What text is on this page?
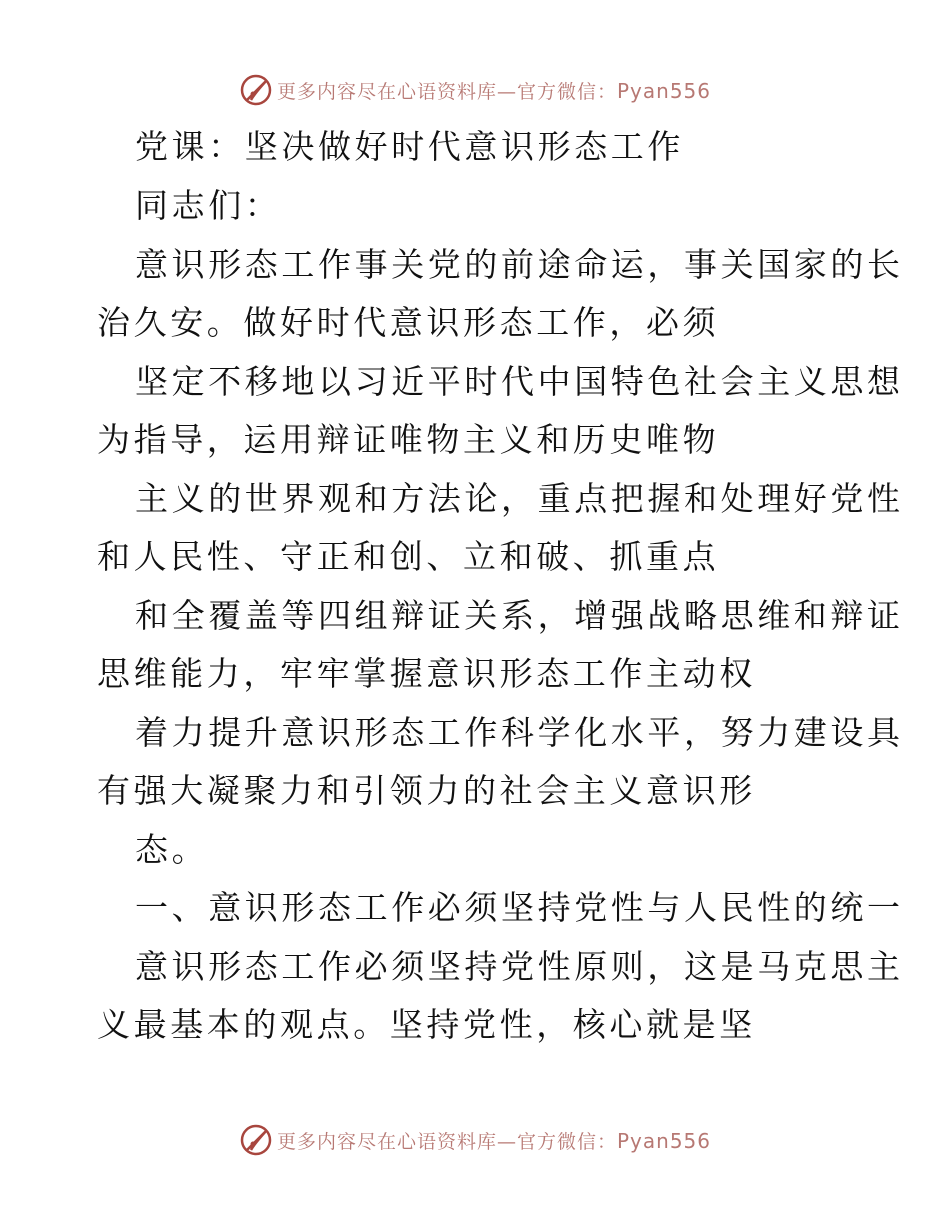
更多内容尽在心语资料库—官方微信：Pyan556
党课：坚决做好时代意识形态工作
同志们：
意识形态工作事关党的前途命运，事关国家的长
治久安。做好时代意识形态工作，必须
坚定不移地以习近平时代中国特色社会主义思想
为指导，运用辩证唯物主义和历史唯物
主义的世界观和方法论，重点把握和处理好党性
和人民性、守正和创、立和破、抓重点
和全覆盖等四组辩证关系，增强战略思维和辩证
思维能力，牢牢掌握意识形态工作主动权
着力提升意识形态工作科学化水平，努力建设具
有强大凝聚力和引领力的社会主义意识形
态。
一、意识形态工作必须坚持党性与人民性的统一
意识形态工作必须坚持党性原则，这是马克思主
义最基本的观点。坚持党性，核心就是坚
更多内容尽在心语资料库—官方微信：Pyan556
